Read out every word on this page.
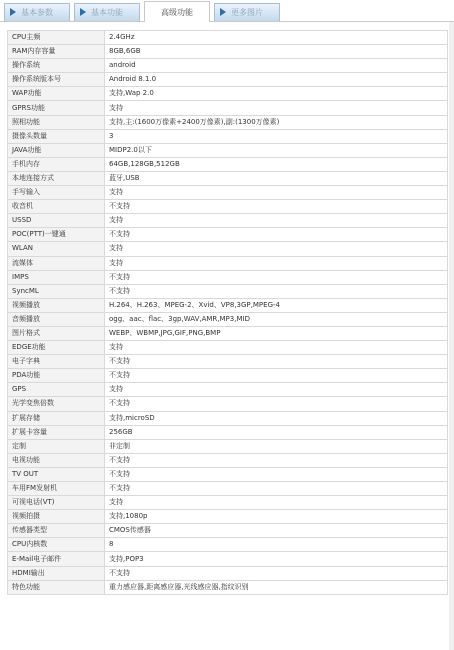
基本参数	基本功能	高级功能	更多图片
CPU主频	2.4GHz
RAM内存容量	8GB,6GB
操作系统	android
操作系统版本号	Android 8.1.0
WAP功能	支持,Wap 2.0
GPRS功能	支持
照相功能	支持,主:(1600万像素+2400万像素),副:(1300万像素)
摄像头数量	3
JAVA功能	MIDP2.0以下
手机内存	64GB,128GB,512GB
本地连接方式	蓝牙,USB
手写输入	支持
收音机	不支持
USSD	支持
POC(PTT)一键通	不支持
WLAN	支持
流媒体	支持
IMPS	不支持
SyncML	不支持
视频播放	H.264、H.263、MPEG-2、Xvid、VP8,3GP,MPEG-4
音频播放	ogg、aac、flac、3gp,WAV,AMR,MP3,MID
图片格式	WEBP、WBMP,JPG,GIF,PNG,BMP
EDGE功能	支持
电子字典	不支持
PDA功能	不支持
GPS	支持
光学变焦倍数	不支持
扩展存储	支持,microSD
扩展卡容量	256GB
定制	非定制
电视功能	不支持
TV OUT	不支持
车用FM发射机	不支持
可视电话(VT)	支持
视频拍摄	支持,1080p
传感器类型	CMOS传感器
CPU内核数	8
E-Mail电子邮件	支持,POP3
HDMI输出	不支持
特色功能	重力感应器,距离感应器,光线感应器,指纹识别
